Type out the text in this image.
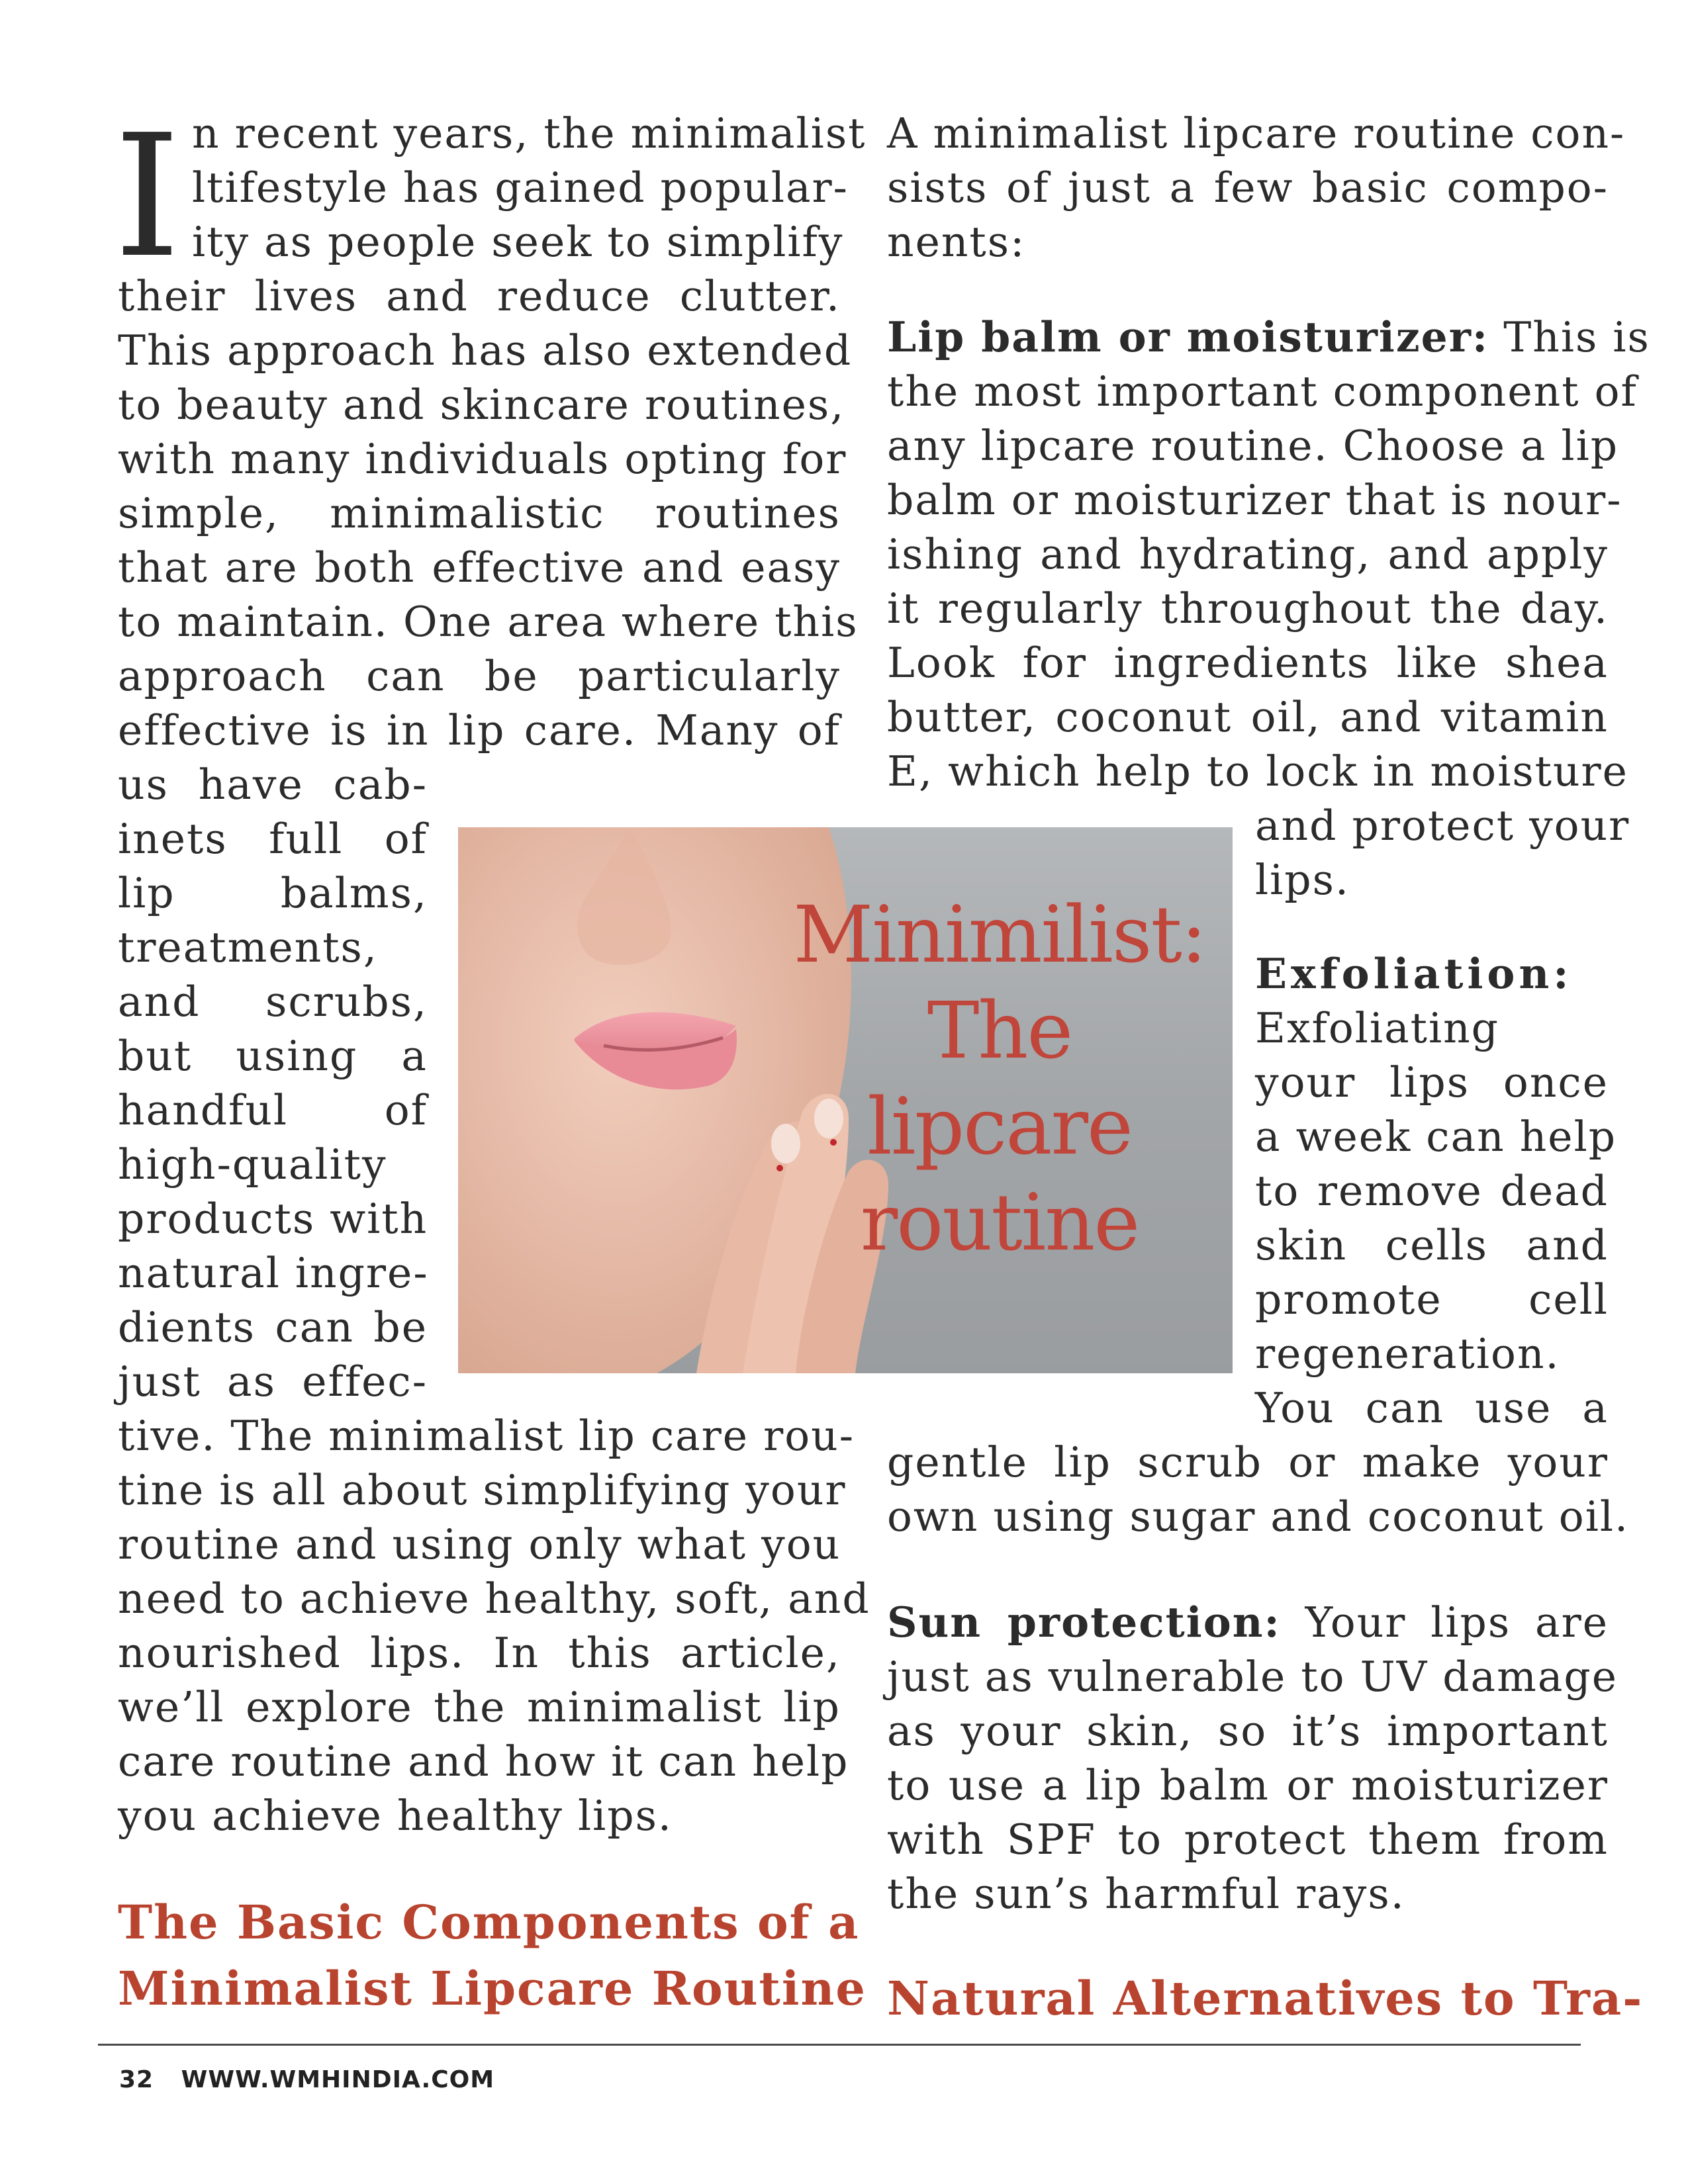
I n recent years, the minimalist
ltifestyle has gained popular-
ity as people seek to simplify
their lives and reduce clutter.
This approach has also extended
to beauty and skincare routines,
with many individuals opting for
simple, minimalistic routines
that are both effective and easy
to maintain. One area where this
approach can be particularly
effective is in lip care. Many of
us have cab-
inets full of
lip balms,
treatments,
and scrubs,
but using a
handful of
high-quality
products with
natural ingre-
dients can be
just as effec-
tive. The minimalist lip care rou-
tine is all about simplifying your
routine and using only what you
need to achieve healthy, soft, and
nourished lips. In this article,
we’ll explore the minimalist lip
care routine and how it can help
you achieve healthy lips.
The Basic Components of a
Minimalist Lipcare Routine
A minimalist lipcare routine con-
sists of just a few basic compo-
nents:
Lip balm or moisturizer: This is
the most important component of
any lipcare routine. Choose a lip
balm or moisturizer that is nour-
ishing and hydrating, and apply
it regularly throughout the day.
Look for ingredients like shea
butter, coconut oil, and vitamin
E, which help to lock in moisture
and protect your
lips.
Exfoliation:
Exfoliating
your lips once
a week can help
to remove dead
skin cells and
promote cell
regeneration.
You can use a
gentle lip scrub or make your
own using sugar and coconut oil.
Sun protection: Your lips are
just as vulnerable to UV damage
as your skin, so it’s important
to use a lip balm or moisturizer
with SPF to protect them from
the sun’s harmful rays.
Natural Alternatives to Tra-
Minimilist:
The
lipcare
routine
32 WWW.WMHINDIA.COM
